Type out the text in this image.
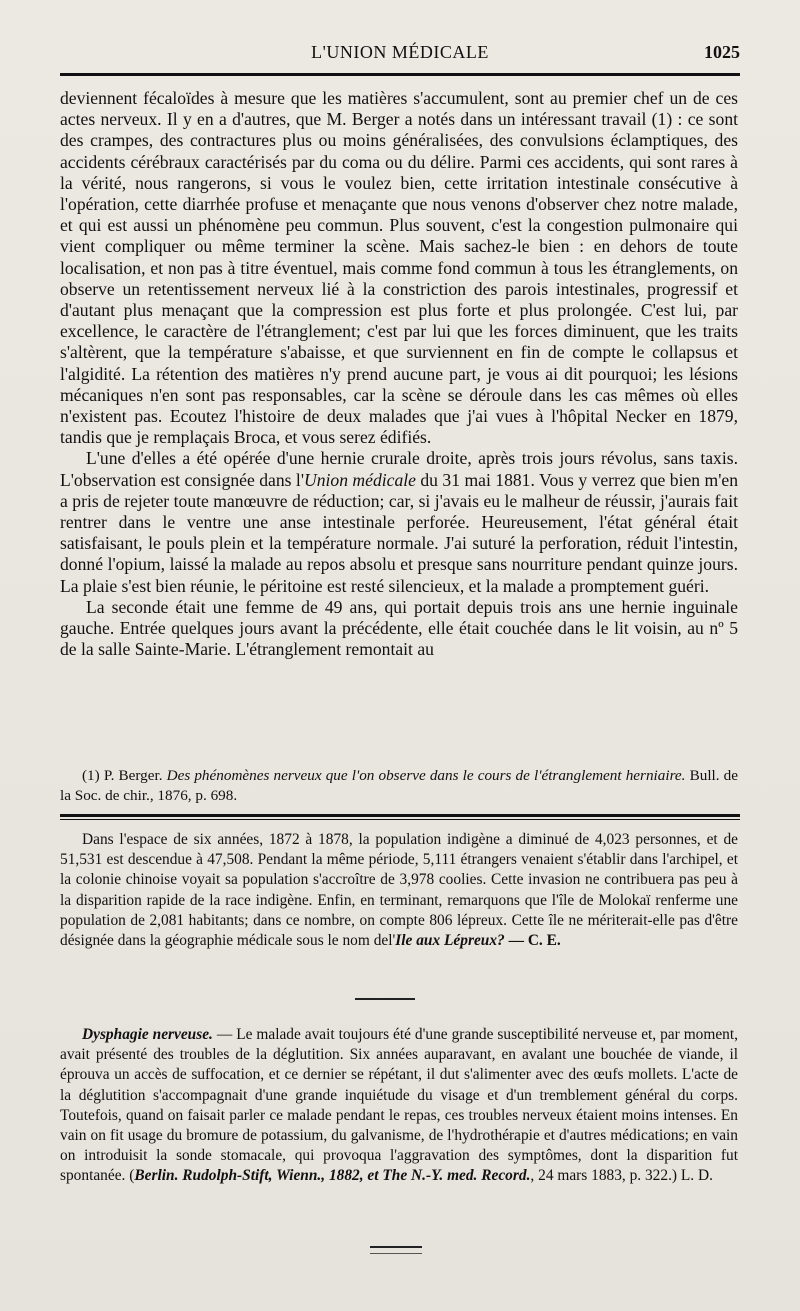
L'UNION MÉDICALE	1025

deviennent fécaloïdes à mesure que les matières s'accumulent, sont au premier chef un de ces actes nerveux. Il y en a d'autres, que M. Berger a notés dans un intéressant travail (1) : ce sont des crampes, des contractures plus ou moins généralisées, des convulsions éclamptiques, des accidents cérébraux caractérisés par du coma ou du délire. Parmi ces accidents, qui sont rares à la vérité, nous rangerons, si vous le voulez bien, cette irritation intestinale consécutive à l'opération, cette diarrhée profuse et menaçante que nous venons d'observer chez notre malade, et qui est aussi un phénomène peu commun. Plus souvent, c'est la congestion pulmonaire qui vient compliquer ou même terminer la scène. Mais sachez-le bien : en dehors de toute localisation, et non pas à titre éventuel, mais comme fond commun à tous les étranglements, on observe un retentissement nerveux lié à la constriction des parois intestinales, progressif et d'autant plus menaçant que la compression est plus forte et plus prolongée. C'est lui, par excellence, le caractère de l'étranglement; c'est par lui que les forces diminuent, que les traits s'altèrent, que la température s'abaisse, et que surviennent en fin de compte le collapsus et l'algidité. La rétention des matières n'y prend aucune part, je vous ai dit pourquoi; les lésions mécaniques n'en sont pas responsables, car la scène se déroule dans les cas mêmes où elles n'existent pas. Ecoutez l'histoire de deux malades que j'ai vues à l'hôpital Necker en 1879, tandis que je remplaçais Broca, et vous serez édifiés.

L'une d'elles a été opérée d'une hernie crurale droite, après trois jours révolus, sans taxis. L'observation est consignée dans l'Union médicale du 31 mai 1881. Vous y verrez que bien m'en a pris de rejeter toute manœuvre de réduction; car, si j'avais eu le malheur de réussir, j'aurais fait rentrer dans le ventre une anse intestinale perforée. Heureusement, l'état général était satisfaisant, le pouls plein et la température normale. J'ai suturé la perforation, réduit l'intestin, donné l'opium, laissé la malade au repos absolu et presque sans nourriture pendant quinze jours. La plaie s'est bien réunie, le péritoine est resté silencieux, et la malade a promptement guéri.

La seconde était une femme de 49 ans, qui portait depuis trois ans une hernie inguinale gauche. Entrée quelques jours avant la précédente, elle était couchée dans le lit voisin, au nº 5 de la salle Sainte-Marie. L'étranglement remontait au

(1) P. Berger. Des phénomènes nerveux que l'on observe dans le cours de l'étranglement herniaire. Bull. de la Soc. de chir., 1876, p. 698.

Dans l'espace de six années, 1872 à 1878, la population indigène a diminué de 4,023 personnes, et de 51,531 est descendue à 47,508. Pendant la même période, 5,111 étrangers venaient s'établir dans l'archipel, et la colonie chinoise voyait sa population s'accroître de 3,978 coolies. Cette invasion ne contribuera pas peu à la disparition rapide de la race indigène. Enfin, en terminant, remarquons que l'île de Molokaï renferme une population de 2,081 habitants; dans ce nombre, on compte 806 lépreux. Cette île ne mériterait-elle pas d'être désignée dans la géographie médicale sous le nom del'Ile aux Lépreux? — C. E.

Dysphagie nerveuse. — Le malade avait toujours été d'une grande susceptibilité nerveuse et, par moment, avait présenté des troubles de la déglutition. Six années auparavant, en avalant une bouchée de viande, il éprouva un accès de suffocation, et ce dernier se répétant, il dut s'alimenter avec des œufs mollets. L'acte de la déglutition s'accompagnait d'une grande inquiétude du visage et d'un tremblement général du corps. Toutefois, quand on faisait parler ce malade pendant le repas, ces troubles nerveux étaient moins intenses. En vain on fit usage du bromure de potassium, du galvanisme, de l'hydrothérapie et d'autres médications; en vain on introduisit la sonde stomacale, qui provoqua l'aggravation des symptômes, dont la disparition fut spontanée. (Berlin. Rudolph-Stift, Wienn., 1882, et The N.-Y. med. Record., 24 mars 1883, p. 322.) L. D.
